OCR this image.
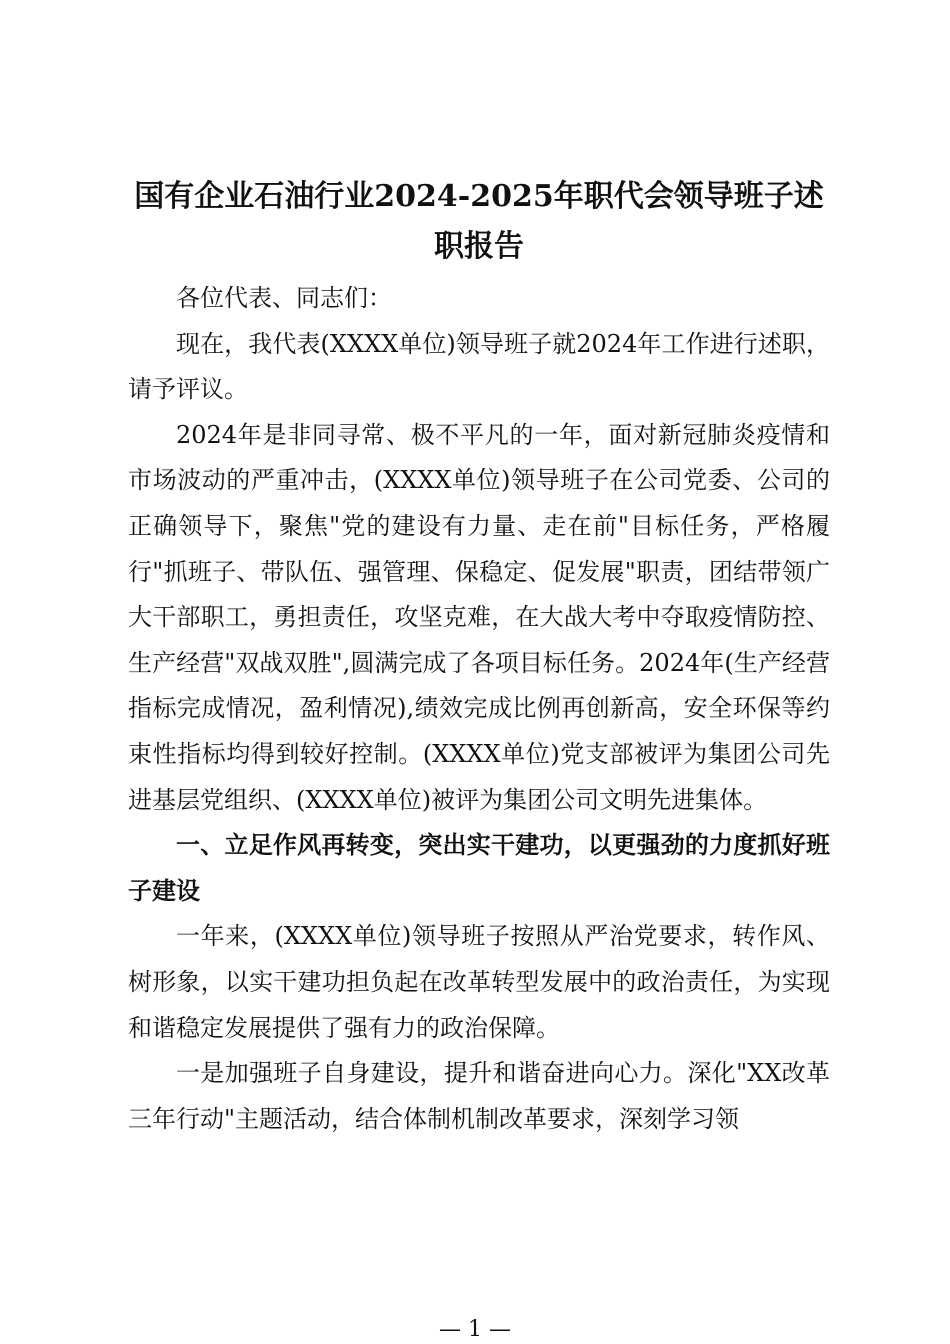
国有企业石油行业2024-2025年职代会领导班子述职报告

各位代表、同志们：

现在，我代表(XXXX单位)领导班子就2024年工作进行述职，请予评议。

2024年是非同寻常、极不平凡的一年，面对新冠肺炎疫情和市场波动的严重冲击，(XXXX单位)领导班子在公司党委、公司的正确领导下，聚焦"党的建设有力量、走在前"目标任务，严格履行"抓班子、带队伍、强管理、保稳定、促发展"职责，团结带领广大干部职工，勇担责任，攻坚克难，在大战大考中夺取疫情防控、生产经营"双战双胜",圆满完成了各项目标任务。2024年(生产经营指标完成情况，盈利情况),绩效完成比例再创新高，安全环保等约束性指标均得到较好控制。(XXXX单位)党支部被评为集团公司先进基层党组织、(XXXX单位)被评为集团公司文明先进集体。

一、立足作风再转变，突出实干建功，以更强劲的力度抓好班子建设

一年来，(XXXX单位)领导班子按照从严治党要求，转作风、树形象，以实干建功担负起在改革转型发展中的政治责任，为实现和谐稳定发展提供了强有力的政治保障。

一是加强班子自身建设，提升和谐奋进向心力。深化"XX改革三年行动"主题活动，结合体制机制改革要求，深刻学习领

— 1 —
